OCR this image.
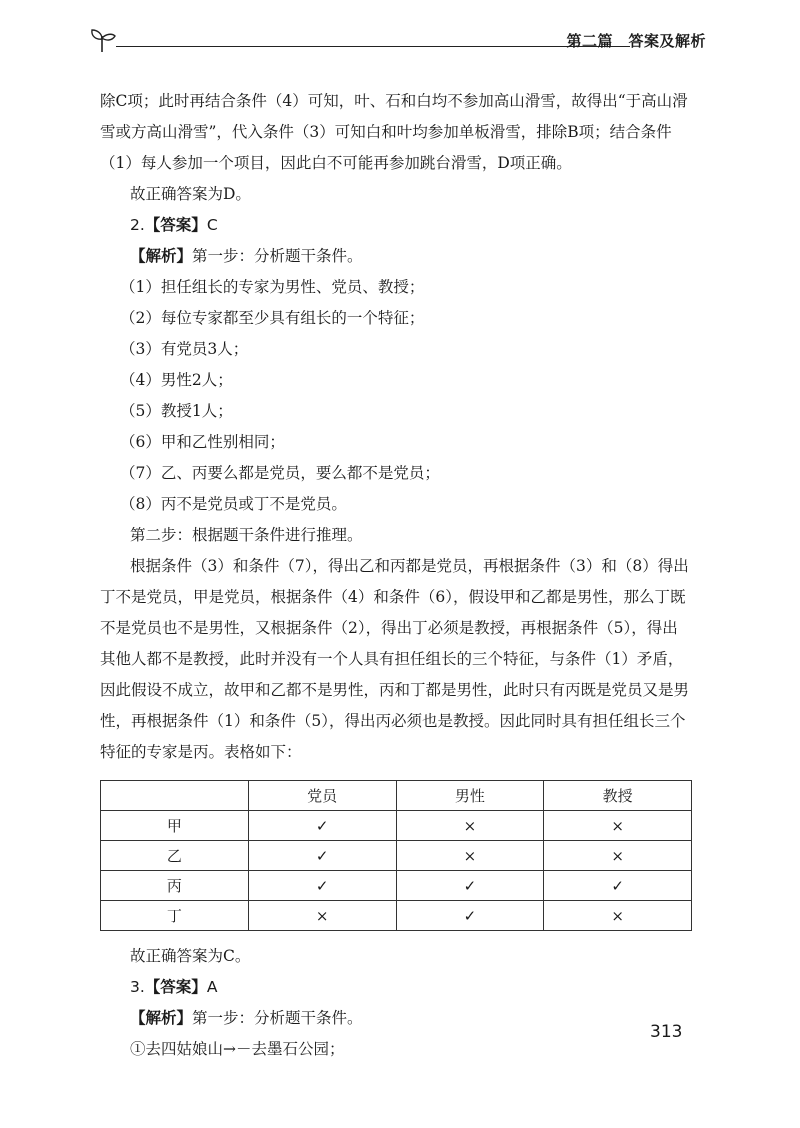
第二篇　答案及解析

除C项；此时再结合条件（4）可知，叶、石和白均不参加高山滑雪，故得出“于高山滑雪或方高山滑雪”，代入条件（3）可知白和叶均参加单板滑雪，排除B项；结合条件（1）每人参加一个项目，因此白不可能再参加跳台滑雪，D项正确。

故正确答案为D。

2.【答案】C

【解析】第一步：分析题干条件。

（1）担任组长的专家为男性、党员、教授；

（2）每位专家都至少具有组长的一个特征；

（3）有党员3人；

（4）男性2人；

（5）教授1人；

（6）甲和乙性别相同；

（7）乙、丙要么都是党员，要么都不是党员；

（8）丙不是党员或丁不是党员。

第二步：根据题干条件进行推理。

根据条件（3）和条件（7），得出乙和丙都是党员，再根据条件（3）和（8）得出丁不是党员，甲是党员，根据条件（4）和条件（6），假设甲和乙都是男性，那么丁既不是党员也不是男性，又根据条件（2），得出丁必须是教授，再根据条件（5），得出其他人都不是教授，此时并没有一个人具有担任组长的三个特征，与条件（1）矛盾，因此假设不成立，故甲和乙都不是男性，丙和丁都是男性，此时只有丙既是党员又是男性，再根据条件（1）和条件（5），得出丙必须也是教授。因此同时具有担任组长三个特征的专家是丙。表格如下：

	党员	男性	教授
甲	✓	×	×
乙	✓	×	×
丙	✓	✓	✓
丁	×	✓	×

故正确答案为C。

3.【答案】A

【解析】第一步：分析题干条件。

①去四姑娘山→－去墨石公园；

313
